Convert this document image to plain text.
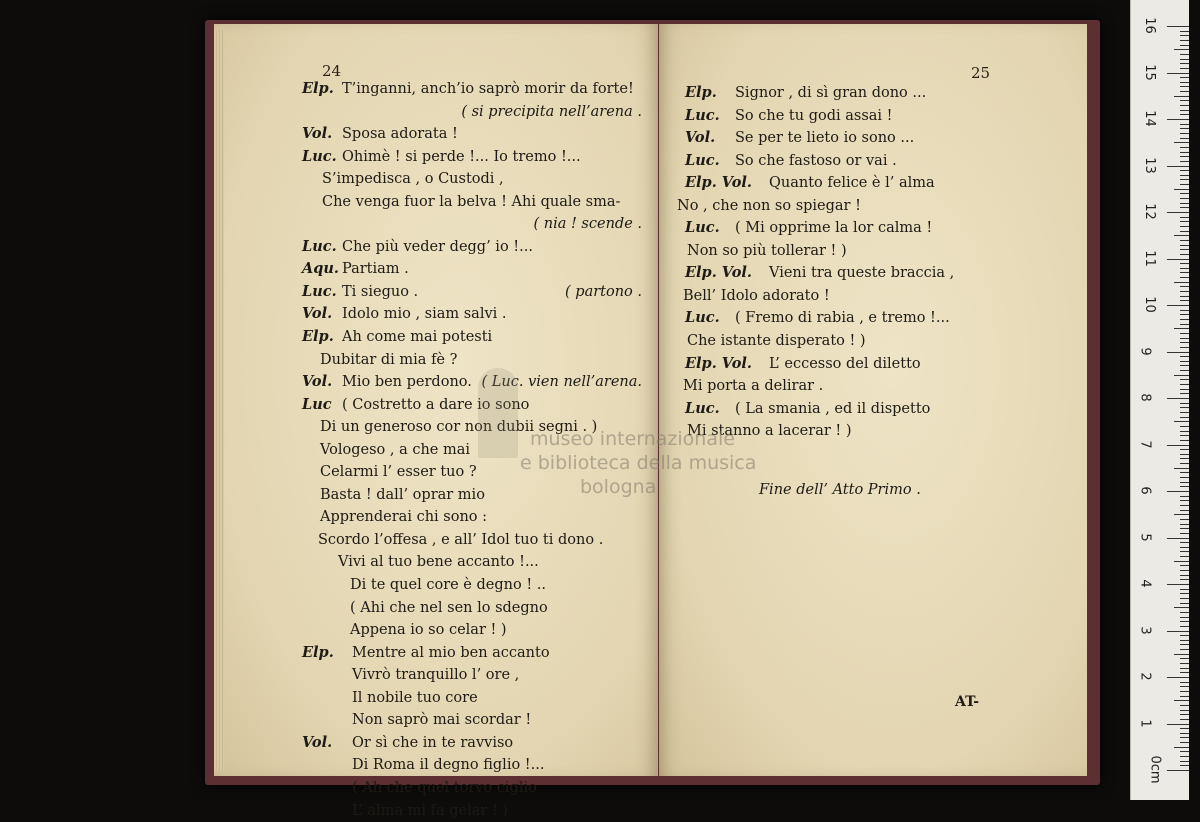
24
Elp. T’inganni, anch’io saprò morir da forte!
( si precipita nell’arena .
Vol. Sposa adorata !
Luc. Ohimè ! si perde !... Io tremo !...
S’impedisca , o Custodi ,
Che venga fuor la belva ! Ahi quale sma-
( nia ! scende .
Luc. Che più veder degg’ io !...
Aqu. Partiam .
Luc. Ti sieguo .	( partono .
Vol. Idolo mio , siam salvi .
Elp. Ah come mai potesti
Dubitar di mia fè ?
Vol. Mio ben perdono. ( Luc. vien nell’arena.
Luc ( Costretto a dare io sono
Di un generoso cor non dubii segni . )
Vologeso , a che mai
Celarmi l’ esser tuo ?
Basta ! dall’ oprar mio
Apprenderai chi sono :
Scordo l’offesa , e all’ Idol tuo ti dono .
Vivi al tuo bene accanto !...
Di te quel core è degno ! ..
( Ahi che nel sen lo sdegno
Appena io so celar ! )
Elp. Mentre al mio ben accanto
Vivrò tranquillo l’ ore ,
Il nobile tuo core
Non saprò mai scordar !
Vol. Or sì che in te ravviso
Di Roma il degno figlio !...
( Ah che quel torvo ciglio
L’ alma mi fa gelar ! )
25
Elp. Signor , di sì gran dono ...
Luc. So che tu godi assai !
Vol. Se per te lieto io sono ...
Luc. So che fastoso or vai .
Elp. Vol. Quanto felice è l’ alma
No , che non so spiegar !
Luc. ( Mi opprime la lor calma !
Non so più tollerar ! )
Elp. Vol. Vieni tra queste braccia ,
Bell’ Idolo adorato !
Luc. ( Fremo di rabia , e tremo !...
Che istante disperato ! )
Elp. Vol. L’ eccesso del diletto
Mi porta a delirar .
Luc. ( La smania , ed il dispetto
Mi stanno a lacerar ! )
Fine dell’ Atto Primo .
AT-
museo internazionale
e biblioteca della musica
bologna
0cm
1
2
3
4
5
6
7
8
9
10
11
12
13
14
15
16
